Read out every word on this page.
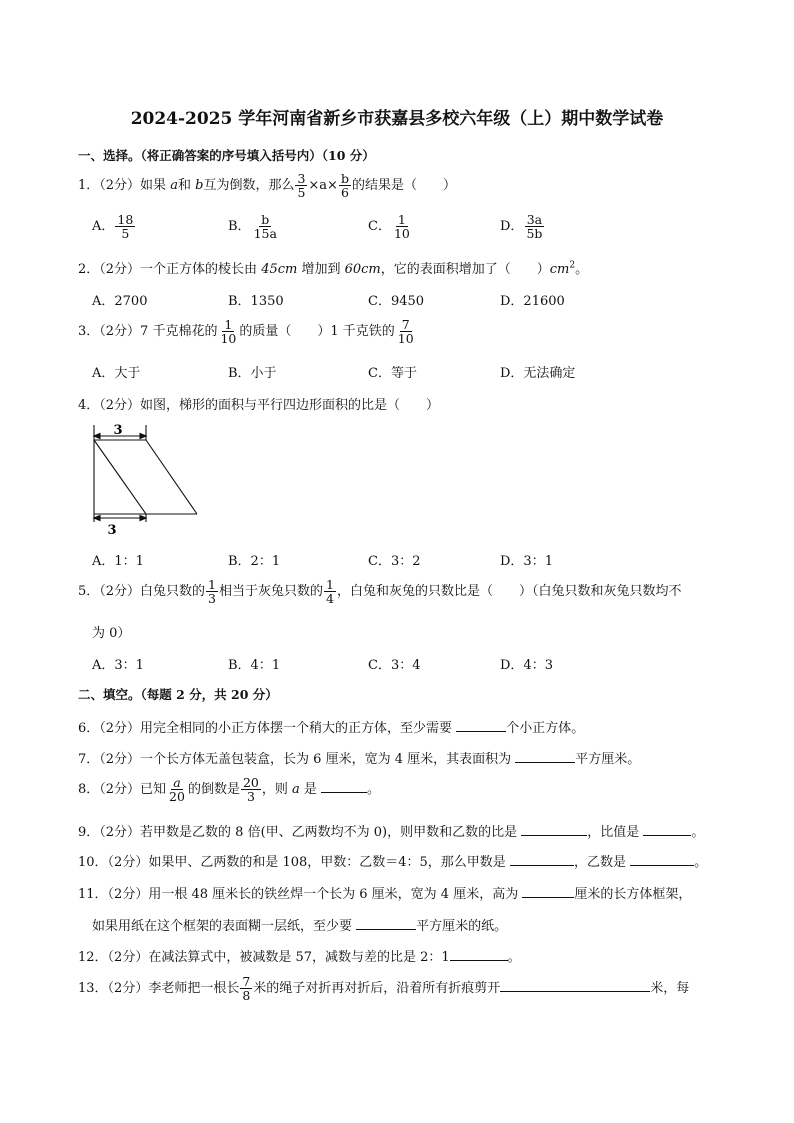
2024-2025 学年河南省新乡市获嘉县多校六年级（上）期中数学试卷
一、选择。（将正确答案的序号填入括号内）（10 分）
1．（2分）如果 a和 b互为倒数，那么 $\frac{3}{5} \times a\times \frac{b}{6}$ 的结果是（　　）
A． $\frac{18}{5}$	B． $\frac{b}{15a}$	C． $\frac{1}{10}$	D． $\frac{3a}{5b}$
2．（2分）一个正方体的棱长由 45cm 增加到 60cm，它的表面积增加了（　　）$cm^2$。
A．2700	B．1350	C．9450	D．21600
3．（2分）7 千克棉花的 $\frac{1}{10}$ 的质量（　　）1 千克铁的 $\frac{7}{10}$
A．大于	B．小于	C．等于	D．无法确定
4．（2分）如图，梯形的面积与平行四边形面积的比是（　　）
3
3
A．1：1	B．2：1	C．3：2	D．3：1
5．（2分）白兔只数的 $\frac{1}{3}$ 相当于灰兔只数的 $\frac{1}{4}$ ，白兔和灰兔的只数比是（　　）（白兔只数和灰兔只数均不
为 0）
A．3：1	B．4：1	C．3：4	D．4：3
二、填空。（每题 2 分，共 20 分）
6．（2分）用完全相同的小正方体摆一个稍大的正方体，至少需要	个小正方体。
7．（2分）一个长方体无盖包装盒，长为 6 厘米，宽为 4 厘米，其表面积为	平方厘米。
8．（2分）已知 $\frac{a}{20}$ 的倒数是 $\frac{20}{3}$ ，则 a 是	。
9．（2分）若甲数是乙数的 8 倍(甲、乙两数均不为 0)，则甲数和乙数的比是	，比值是	。
10．（2分）如果甲、乙两数的和是 108，甲数：乙数＝4：5，那么甲数是	，乙数是	。
11．（2分）用一根 48 厘米长的铁丝焊一个长为 6 厘米，宽为 4 厘米，高为	厘米的长方体框架，
如果用纸在这个框架的表面糊一层纸，至少要	平方厘米的纸。
12．（2分）在减法算式中，被减数是 57，减数与差的比是 2：1	。
13．（2分）李老师把一根长 $\frac{7}{8}$ 米的绳子对折再对折后，沿着所有折痕剪开	米，每
